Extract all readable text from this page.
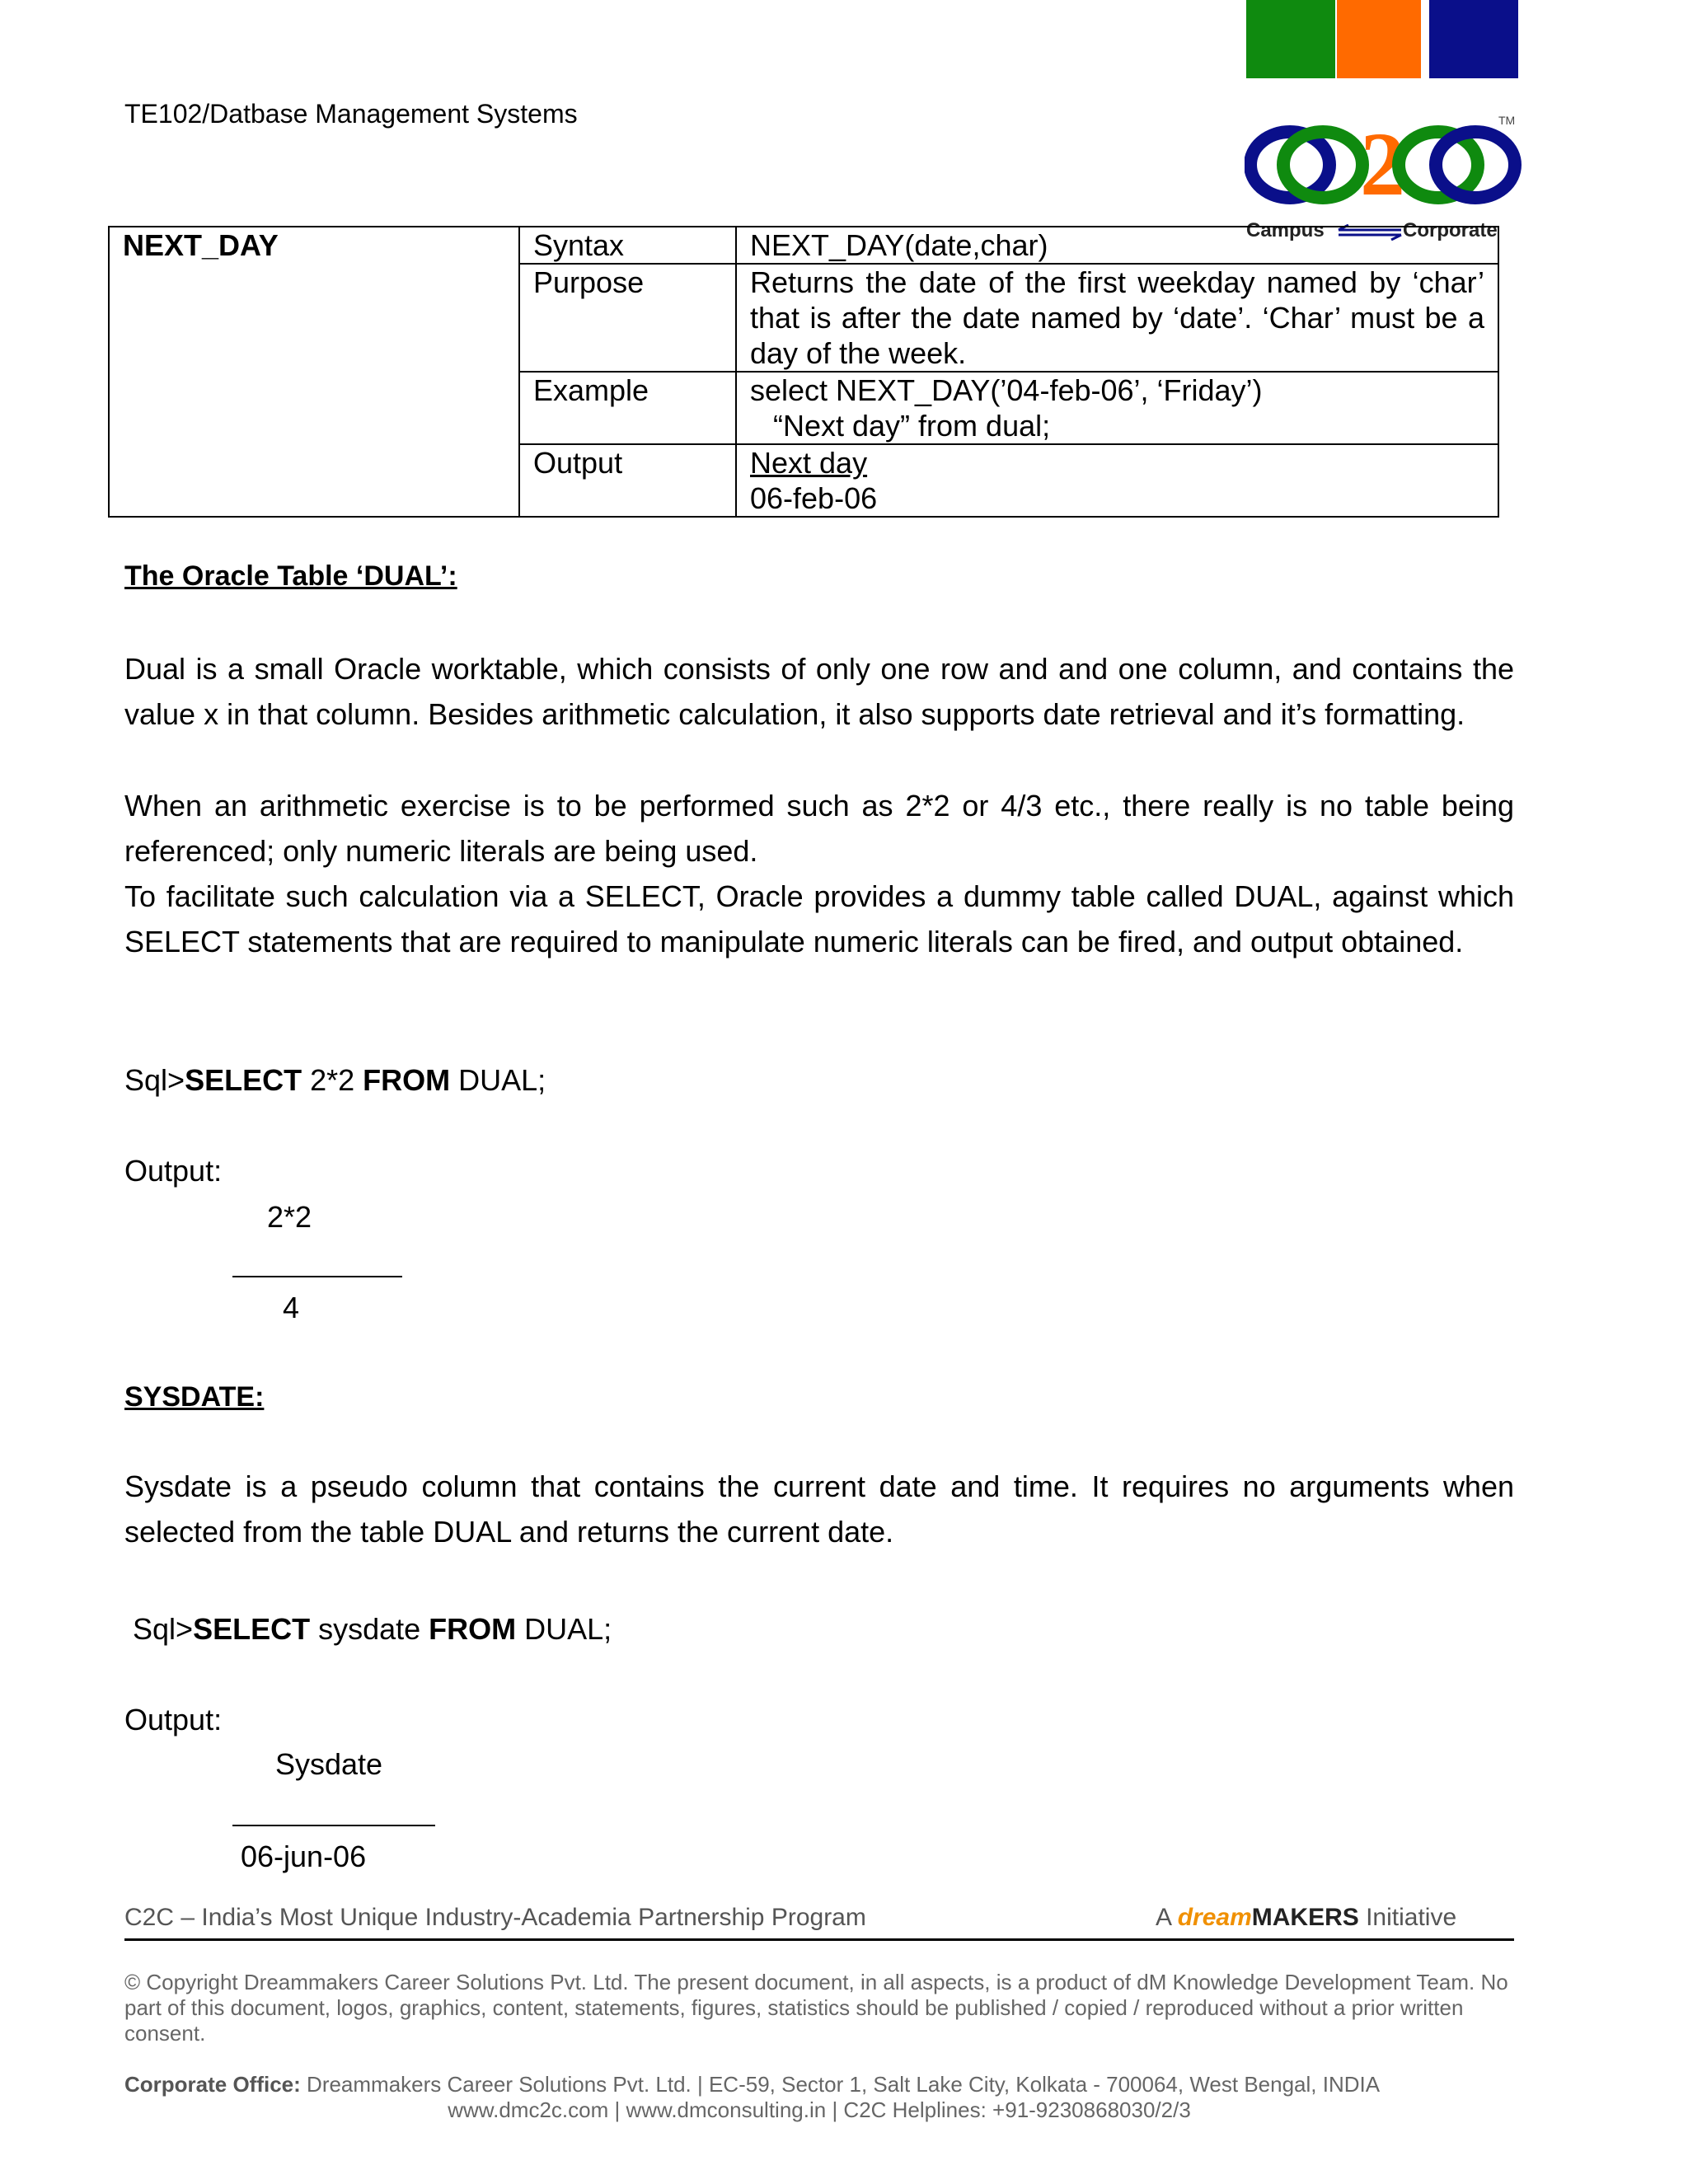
TE102/Datbase Management Systems	2	TM
Campus	Corporate
NEXT_DAY	Syntax	NEXT_DAY(date,char)
	Purpose	Returns the date of the first weekday named by ‘char’ that is after the date named by ‘date’. ‘Char’ must be a day of the week.
	Example	select NEXT_DAY(’04-feb-06’, ‘Friday’)
“Next day” from dual;

	Output	Next day
06-feb-06
The Oracle Table ‘DUAL’:
Dual is a small Oracle worktable, which consists of only one row and and one column, and contains the value x in that column. Besides arithmetic calculation, it also supports date retrieval and it’s formatting.
When an arithmetic exercise is to be performed such as 2*2 or 4/3 etc., there really is no table being referenced; only numeric literals are being used.
To facilitate such calculation via a SELECT, Oracle provides a dummy table called DUAL, against which SELECT statements that are required to manipulate numeric literals can be fired, and output obtained.
Sql>SELECT 2*2 FROM DUAL;
Output:
2*2
4
SYSDATE:
Sysdate is a pseudo column that contains the current date and time. It requires no arguments when selected from the table DUAL and returns the current date.
Sql>SELECT sysdate FROM DUAL;
Output:
Sysdate
06-jun-06
C2C – India’s Most Unique Industry-Academia Partnership Program	A dreamMAKERS Initiative
© Copyright Dreammakers Career Solutions Pvt. Ltd. The present document, in all aspects, is a product of dM Knowledge Development Team. No part of this document, logos, graphics, content, statements, figures, statistics should be published / copied / reproduced without a prior written consent.
Corporate Office: Dreammakers Career Solutions Pvt. Ltd. | EC-59, Sector 1, Salt Lake City, Kolkata - 700064, West Bengal, INDIA
www.dmc2c.com | www.dmconsulting.in | C2C Helplines: +91-9230868030/2/3
